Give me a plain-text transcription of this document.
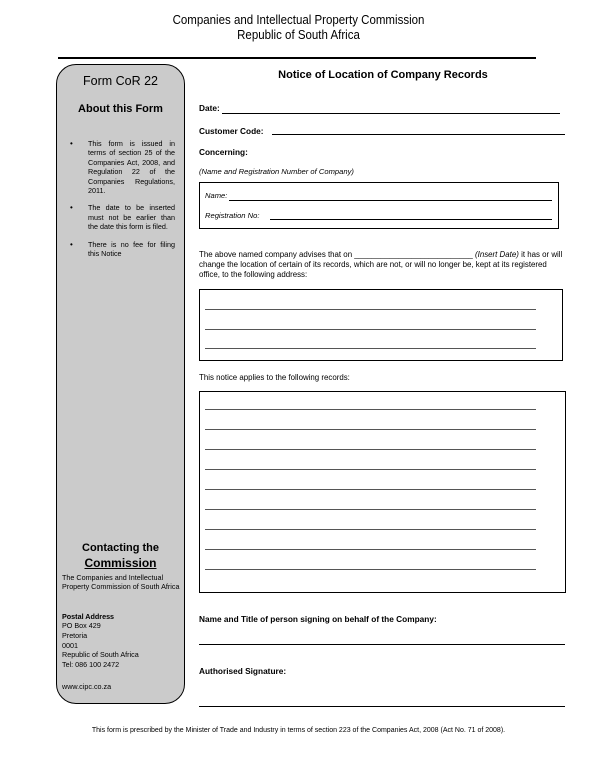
Companies and Intellectual Property Commission
Republic of South Africa
Form CoR 22
About this Form
• This form is issued in terms of section 25 of the Companies Act, 2008, and Regulation 22 of the Companies Regulations, 2011.
• The date to be inserted must not be earlier than the date this form is filed.
• There is no fee for filing this Notice
Contacting the
Commission
The Companies and Intellectual Property Commission of South Africa
Postal Address
PO Box 429
Pretoria
0001
Republic of South Africa
Tel: 086 100 2472
www.cipc.co.za
Notice of Location of Company Records
Date:
Customer Code:
Concerning:
(Name and Registration Number of Company)
Name:
Registration No:
The above named company advises that on ___________________________ (Insert Date) it has or will change the location of certain of its records, which are not, or will no longer be, kept at its registered office, to the following address:
This notice applies to the following records:
Name and Title of person signing on behalf of the Company:
Authorised Signature:
This form is prescribed by the Minister of Trade and Industry in terms of section 223 of the Companies Act, 2008 (Act No. 71 of 2008).
